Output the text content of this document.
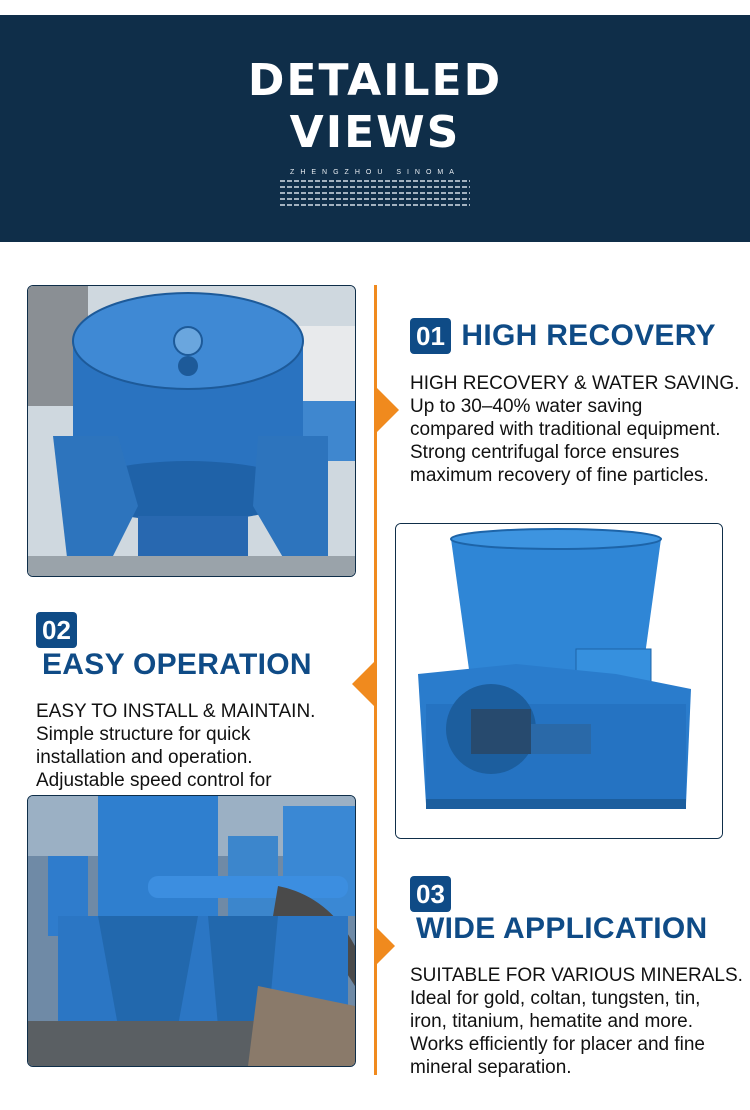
DETAILED
VIEWS
ZHENGZHOU SINOMA
01 HIGH RECOVERY
HIGH RECOVERY & WATER SAVING.
Up to 30–40% water saving
compared with traditional equipment.
Strong centrifugal force ensures
maximum recovery of fine particles.
02 EASY OPERATION
EASY TO INSTALL & MAINTAIN.
Simple structure for quick
installation and operation.
Adjustable speed control for
03 WIDE APPLICATION
SUITABLE FOR VARIOUS MINERALS.
Ideal for gold, coltan, tungsten, tin,
iron, titanium, hematite and more.
Works efficiently for placer and fine
mineral separation.
